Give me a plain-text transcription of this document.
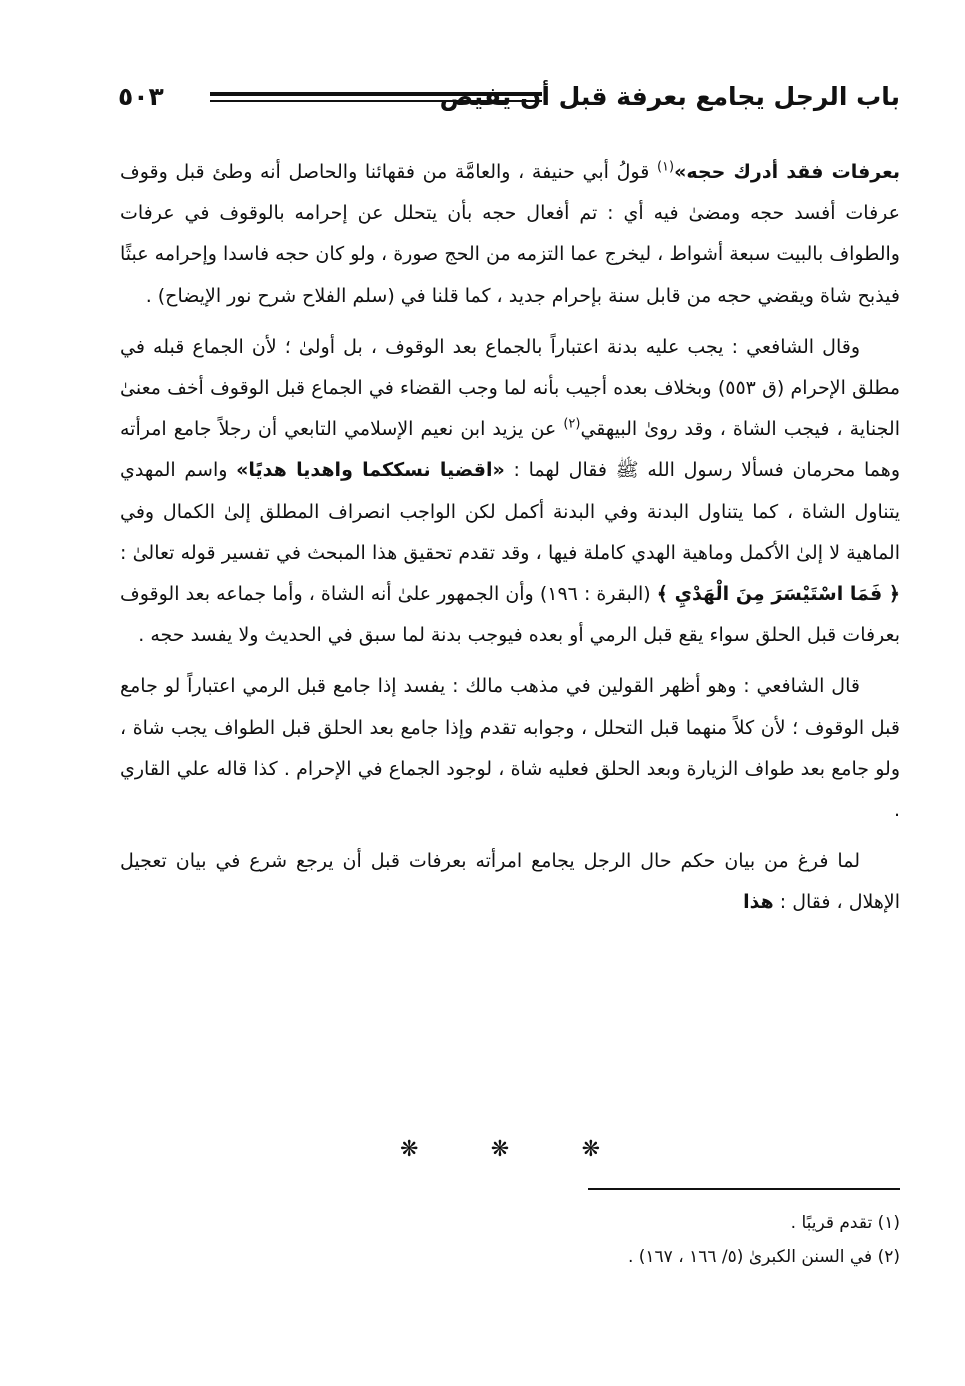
باب الرجل يجامع بعرفة قبل أن يفيض
٥٠٣

بعرفات فقد أدرك حجه»$^{(١)}$ قولُ أبي حنيفة ، والعامَّة من فقهائنا والحاصل أنه وطئ قبل وقوف عرفات أفسد حجه ومضىٰ فيه أي : تم أفعال حجه بأن يتحلل عن إحرامه بالوقوف في عرفات والطواف بالبيت سبعة أشواط ، ليخرج عما التزمه من الحج صورة ، ولو كان حجه فاسدا وإحرامه عبثًا فيذبح شاة ويقضي حجه من قابل سنة بإحرام جديد ، كما قلنا في (سلم الفلاح شرح نور الإيضاح) .

وقال الشافعي : يجب عليه بدنة اعتباراً بالجماع بعد الوقوف ، بل أولىٰ ؛ لأن الجماع قبله في مطلق الإحرام (ق ٥٥٣) وبخلاف بعده أجيب بأنه لما وجب القضاء في الجماع قبل الوقوف أخف معنىٰ الجناية ، فيجب الشاة ، وقد روىٰ البيهقي$^{(٢)}$ عن يزيد ابن نعيم الإسلامي التابعي أن رجلاً جامع امرأته وهما محرمان فسألا رسول الله ﷺ فقال لهما : «اقضيا نسككما واهديا هديًا» واسم المهدي يتناول الشاة ، كما يتناول البدنة وفي البدنة أكمل لكن الواجب انصراف المطلق إلىٰ الكمال وفي الماهية لا إلىٰ الأكمل وماهية الهدي كاملة فيها ، وقد تقدم تحقيق هذا المبحث في تفسير قوله تعالىٰ : ﴿ فَمَا اسْتَيْسَرَ مِنَ الْهَدْيِ ﴾ (البقرة : ١٩٦) وأن الجمهور علىٰ أنه الشاة ، وأما جماعه بعد الوقوف بعرفات قبل الحلق سواء يقع قبل الرمي أو بعده فيوجب بدنة لما سبق في الحديث ولا يفسد حجه .

قال الشافعي : وهو أظهر القولين في مذهب مالك : يفسد إذا جامع قبل الرمي اعتباراً لو جامع قبل الوقوف ؛ لأن كلاً منهما قبل التحلل ، وجوابه تقدم وإذا جامع بعد الحلق قبل الطواف يجب شاة ، ولو جامع بعد طواف الزيارة وبعد الحلق فعليه شاة ، لوجود الجماع في الإحرام . كذا قاله علي القاري .

لما فرغ من بيان حكم حال الرجل يجامع امرأته بعرفات قبل أن يرجع شرع في بيان تعجيل الإهلال ، فقال : هذا

❋
❋
❋

(١) تقدم قريبًا .

(٢) في السنن الكبرىٰ (٥/ ١٦٦ ، ١٦٧) .
